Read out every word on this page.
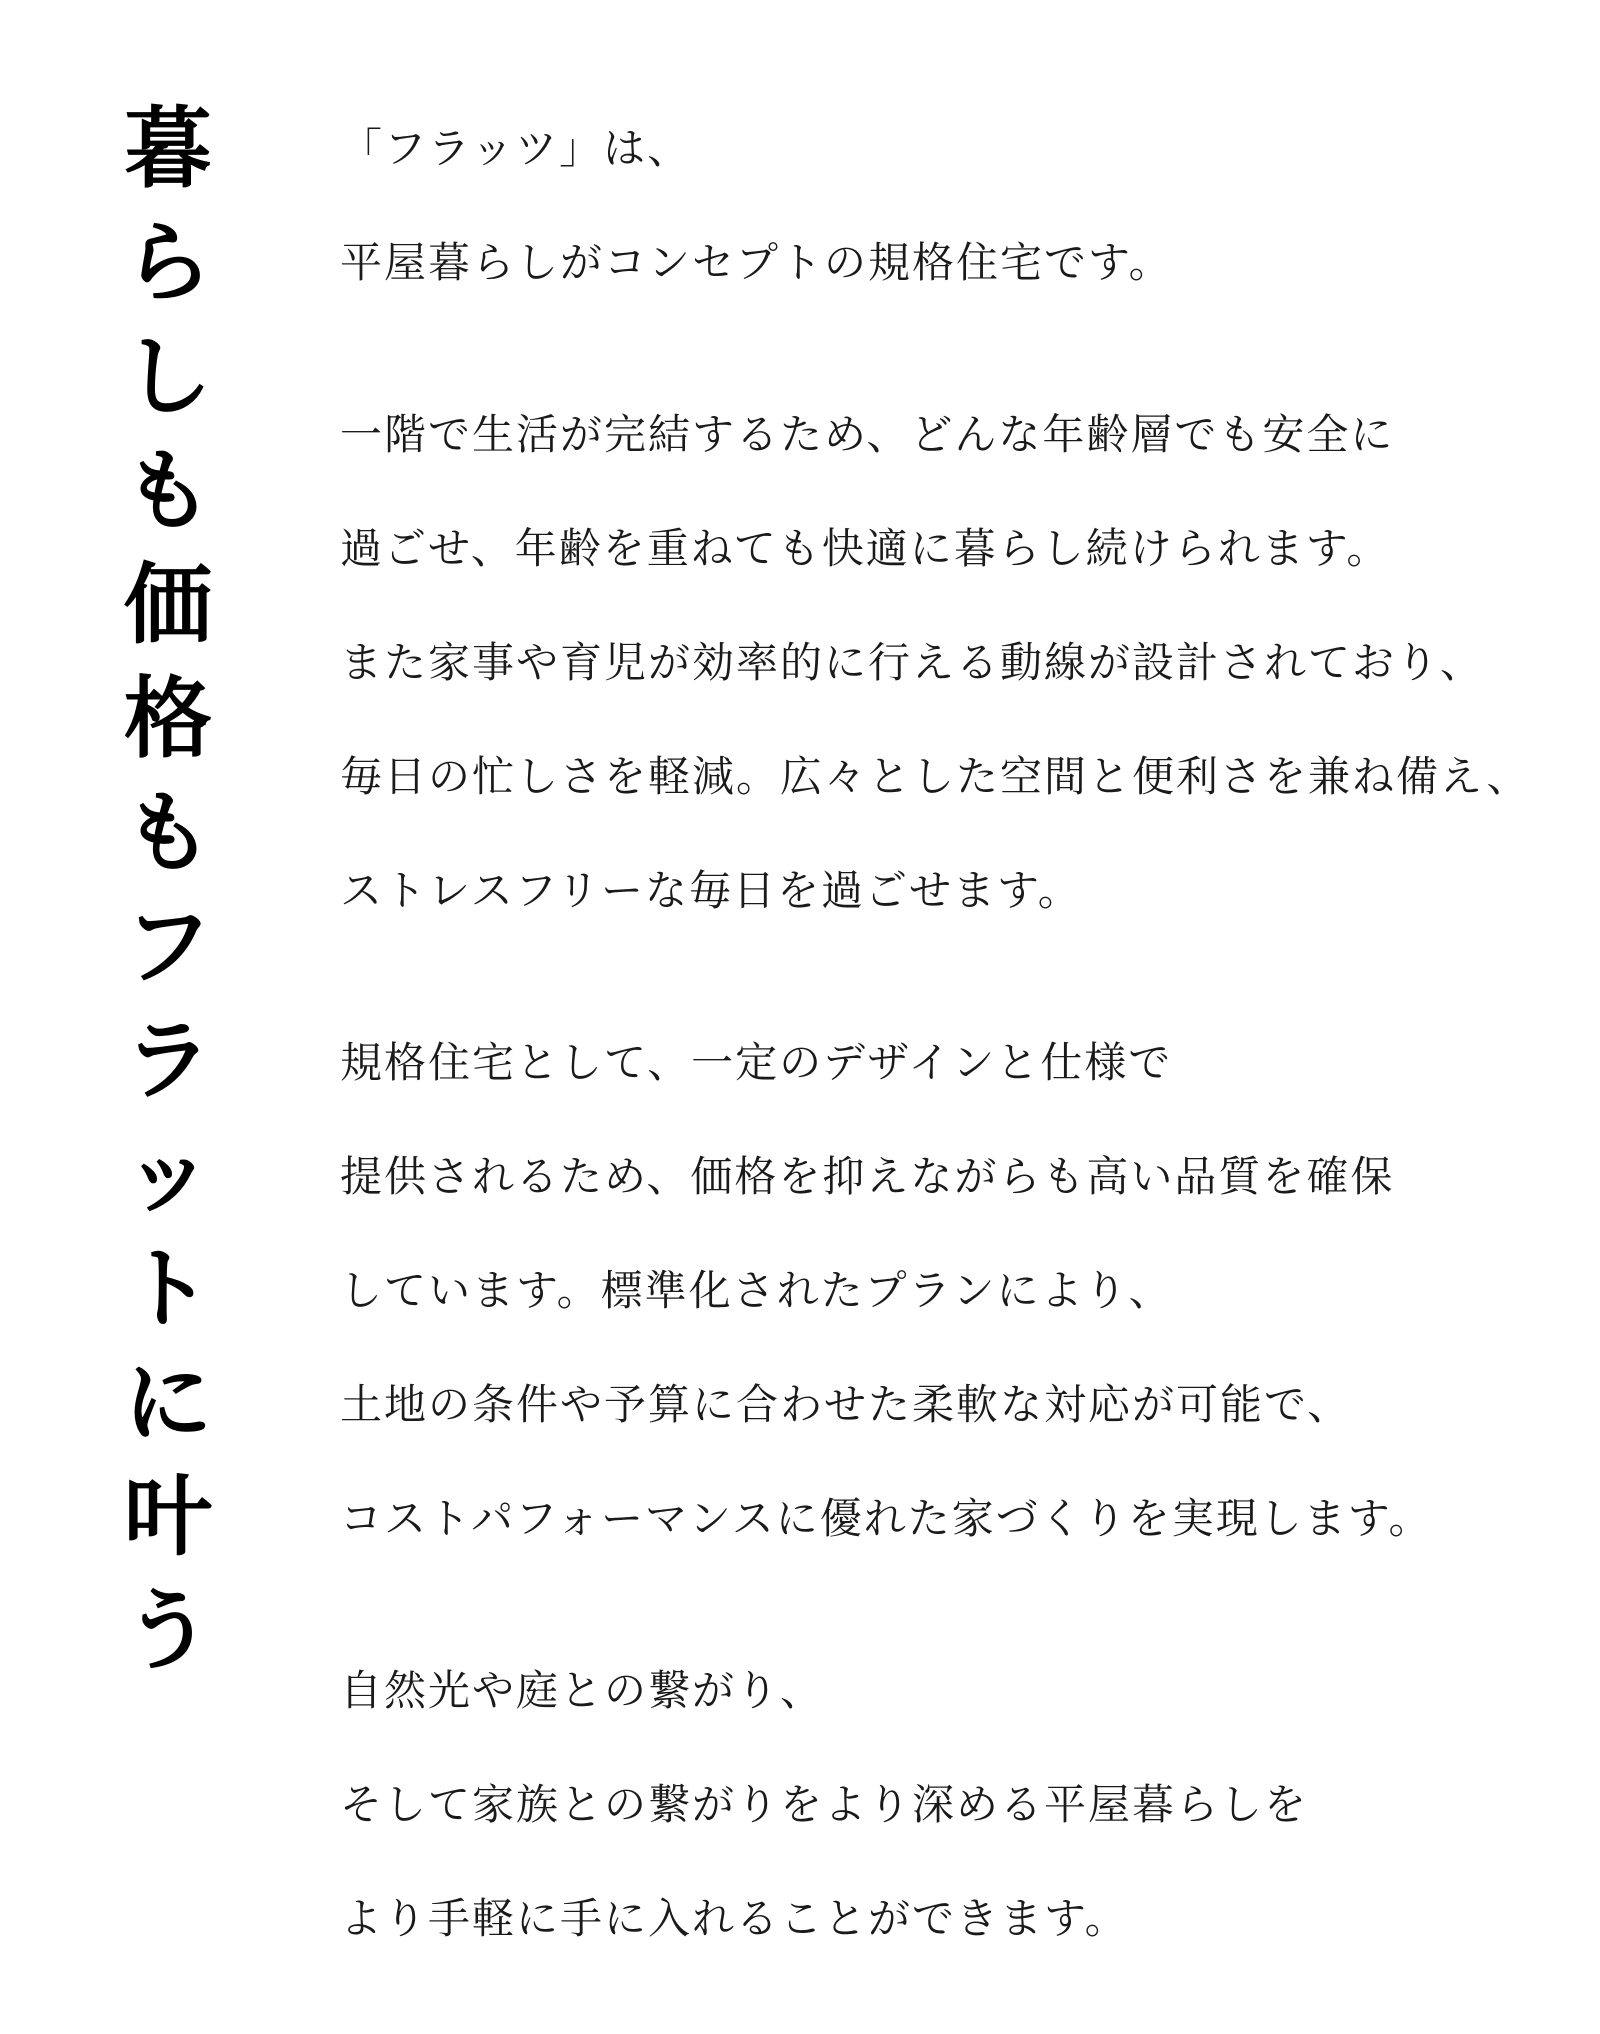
暮
ら
し
も
価
格
も
フ
ラ
ッ
ト
に
叶
う
「フラッツ」は、
平屋暮らしがコンセプトの規格住宅です。
一階で生活が完結するため、どんな年齢層でも安全に
過ごせ、年齢を重ねても快適に暮らし続けられます。
また家事や育児が効率的に行える動線が設計されており、
毎日の忙しさを軽減。広々とした空間と便利さを兼ね備え、
ストレスフリーな毎日を過ごせます。
規格住宅として、一定のデザインと仕様で
提供されるため、価格を抑えながらも高い品質を確保
しています。標準化されたプランにより、
土地の条件や予算に合わせた柔軟な対応が可能で、
コストパフォーマンスに優れた家づくりを実現します。
自然光や庭との繋がり、
そして家族との繋がりをより深める平屋暮らしを
より手軽に手に入れることができます。
